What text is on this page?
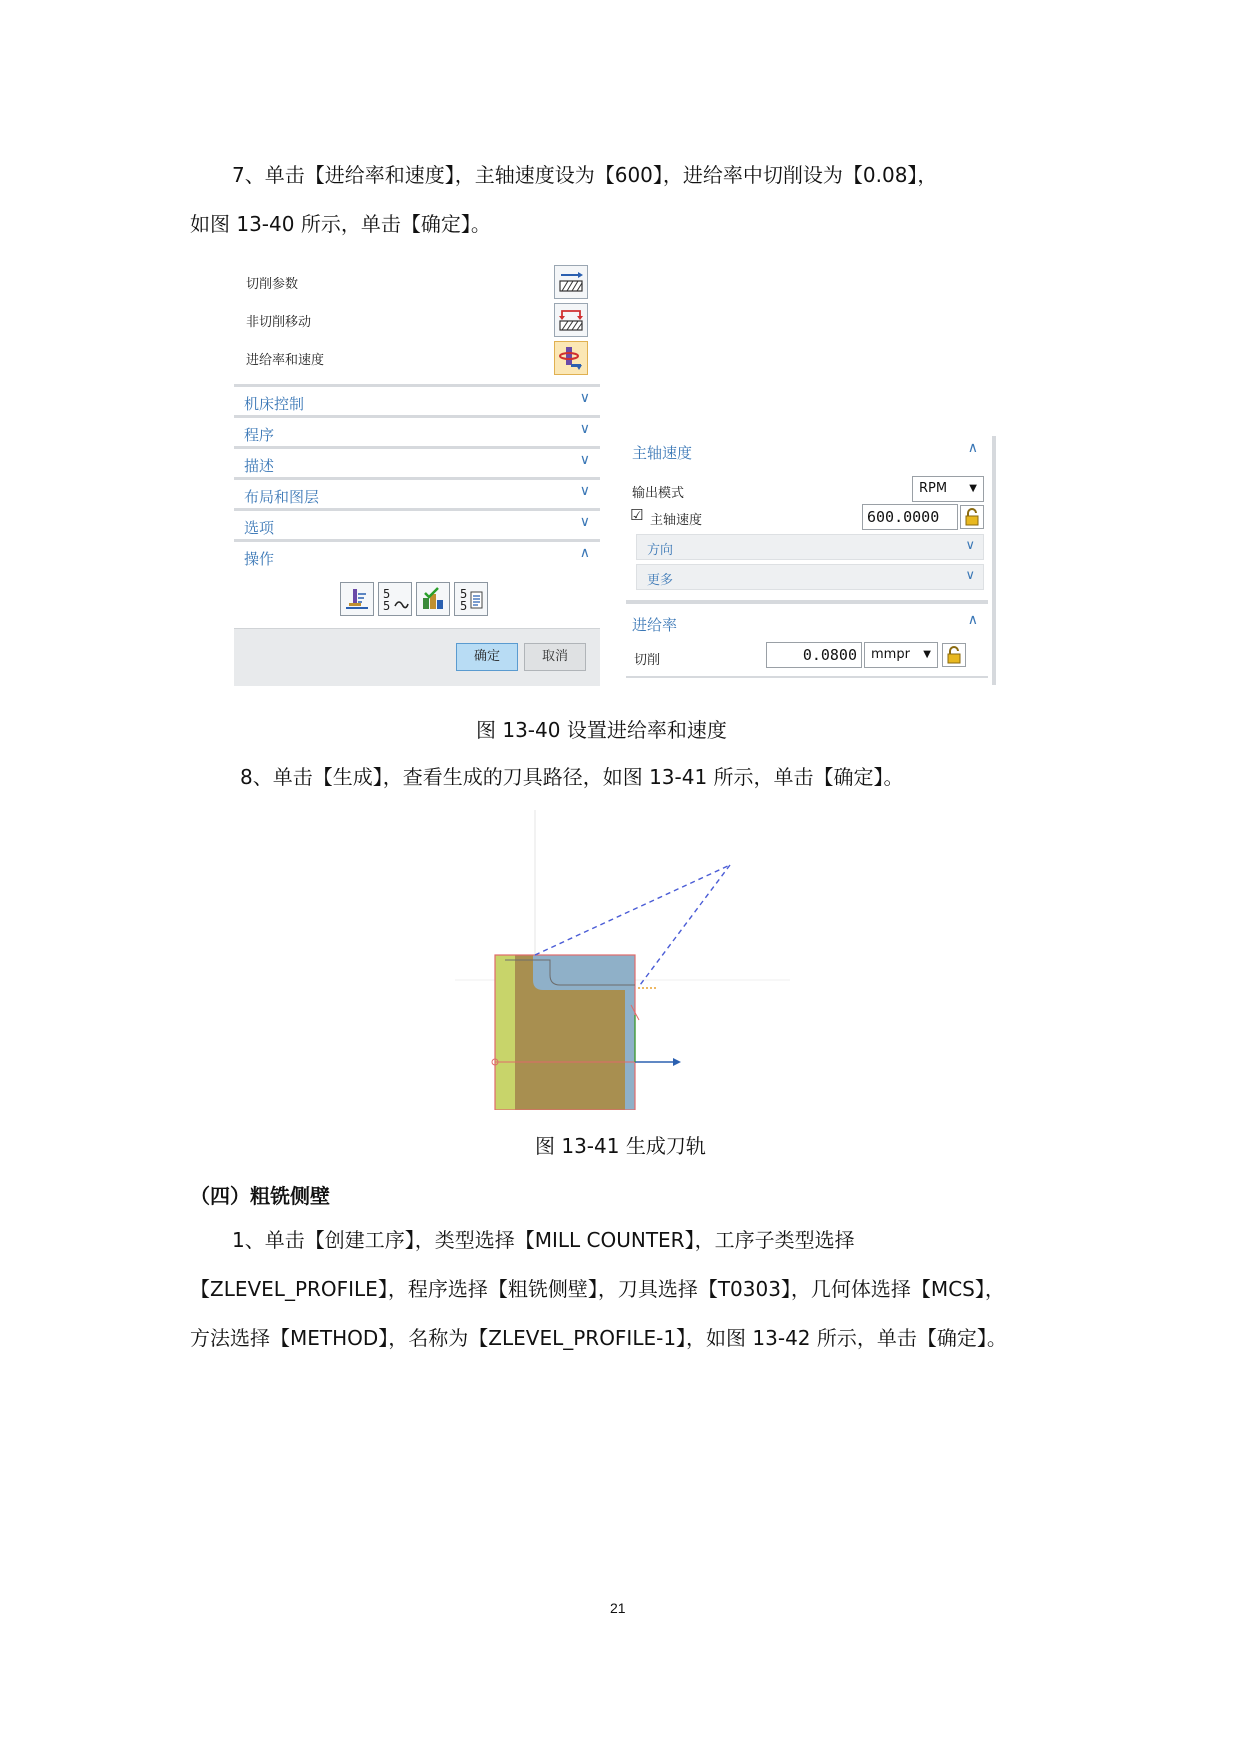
7、单击【进给率和速度】，主轴速度设为【600】，进给率中切削设为【0.08】，
如图 13-40 所示，单击【确定】。
切削参数
非切削移动
进给率和速度
机床控制	∨
程序	∨
描述	∨
布局和图层	∨
选项	∨
操作	∧
5
5
5
5
确定	取消
主轴速度	∧
输出模式	RPM ▼
☑ 主轴速度	600.0000
方向	∨
更多	∨
进给率	∧
切削	0.0800	mmpr ▼
图 13-40 设置进给率和速度
8、单击【生成】，查看生成的刀具路径，如图 13-41 所示，单击【确定】。
图 13-41 生成刀轨
（四）粗铣侧壁
1、单击【创建工序】，类型选择【MILL COUNTER】，工序子类型选择
【ZLEVEL_PROFILE】，程序选择【粗铣侧壁】，刀具选择【T0303】，几何体选择【MCS】，
方法选择【METHOD】，名称为【ZLEVEL_PROFILE-1】，如图 13-42 所示，单击【确定】。
21
